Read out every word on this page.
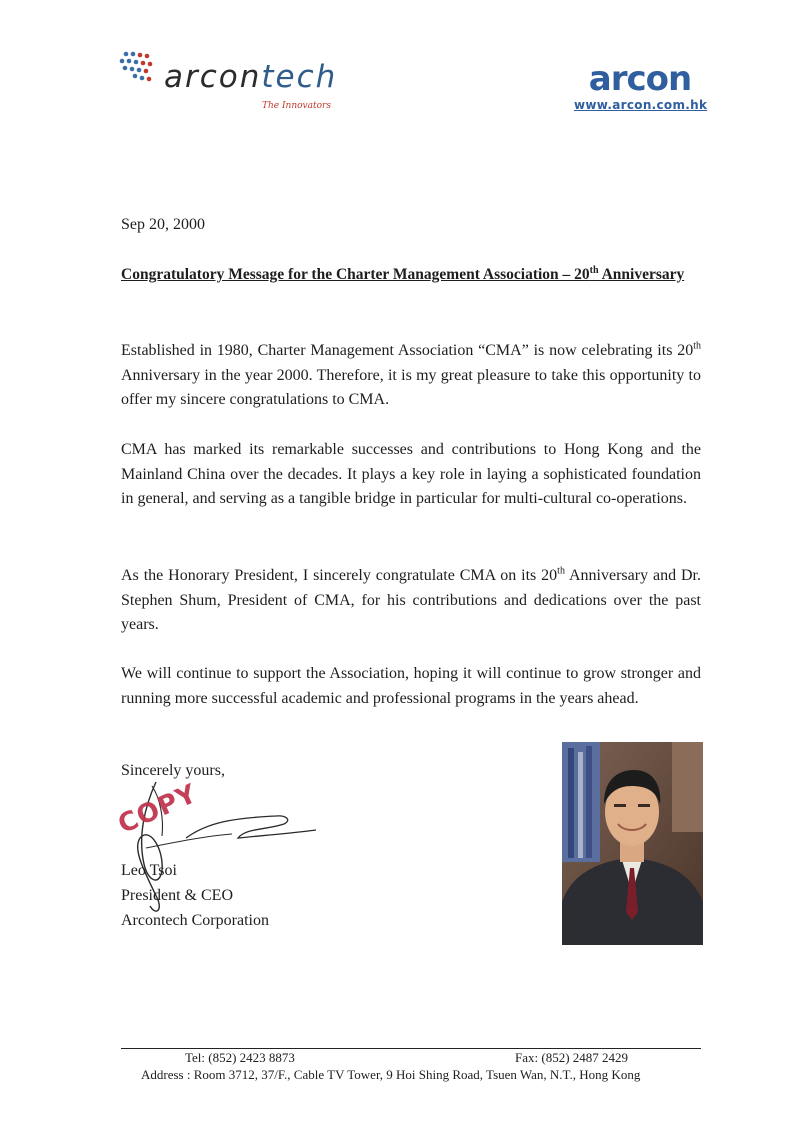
arcontech
The Innovators
arcon
www.arcon.com.hk
Sep 20, 2000
Congratulatory Message for the Charter Management Association – 20th Anniversary

Established in 1980, Charter Management Association “CMA” is now celebrating its 20th Anniversary in the year 2000. Therefore, it is my great pleasure to take this opportunity to offer my sincere congratulations to CMA.

CMA has marked its remarkable successes and contributions to Hong Kong and the Mainland China over the decades. It plays a key role in laying a sophisticated foundation in general, and serving as a tangible bridge in particular for multi-cultural co-operations.

As the Honorary President, I sincerely congratulate CMA on its 20th Anniversary and Dr. Stephen Shum, President of CMA, for his contributions and dedications over the past years.

We will continue to support the Association, hoping it will continue to grow stronger and running more successful academic and professional programs in the years ahead.

Sincerely yours,
COPY
Leo Tsoi
President & CEO
Arcontech Corporation
Tel: (852) 2423 8873	Fax: (852) 2487 2429
Address : Room 3712, 37/F., Cable TV Tower, 9 Hoi Shing Road, Tsuen Wan, N.T., Hong Kong
